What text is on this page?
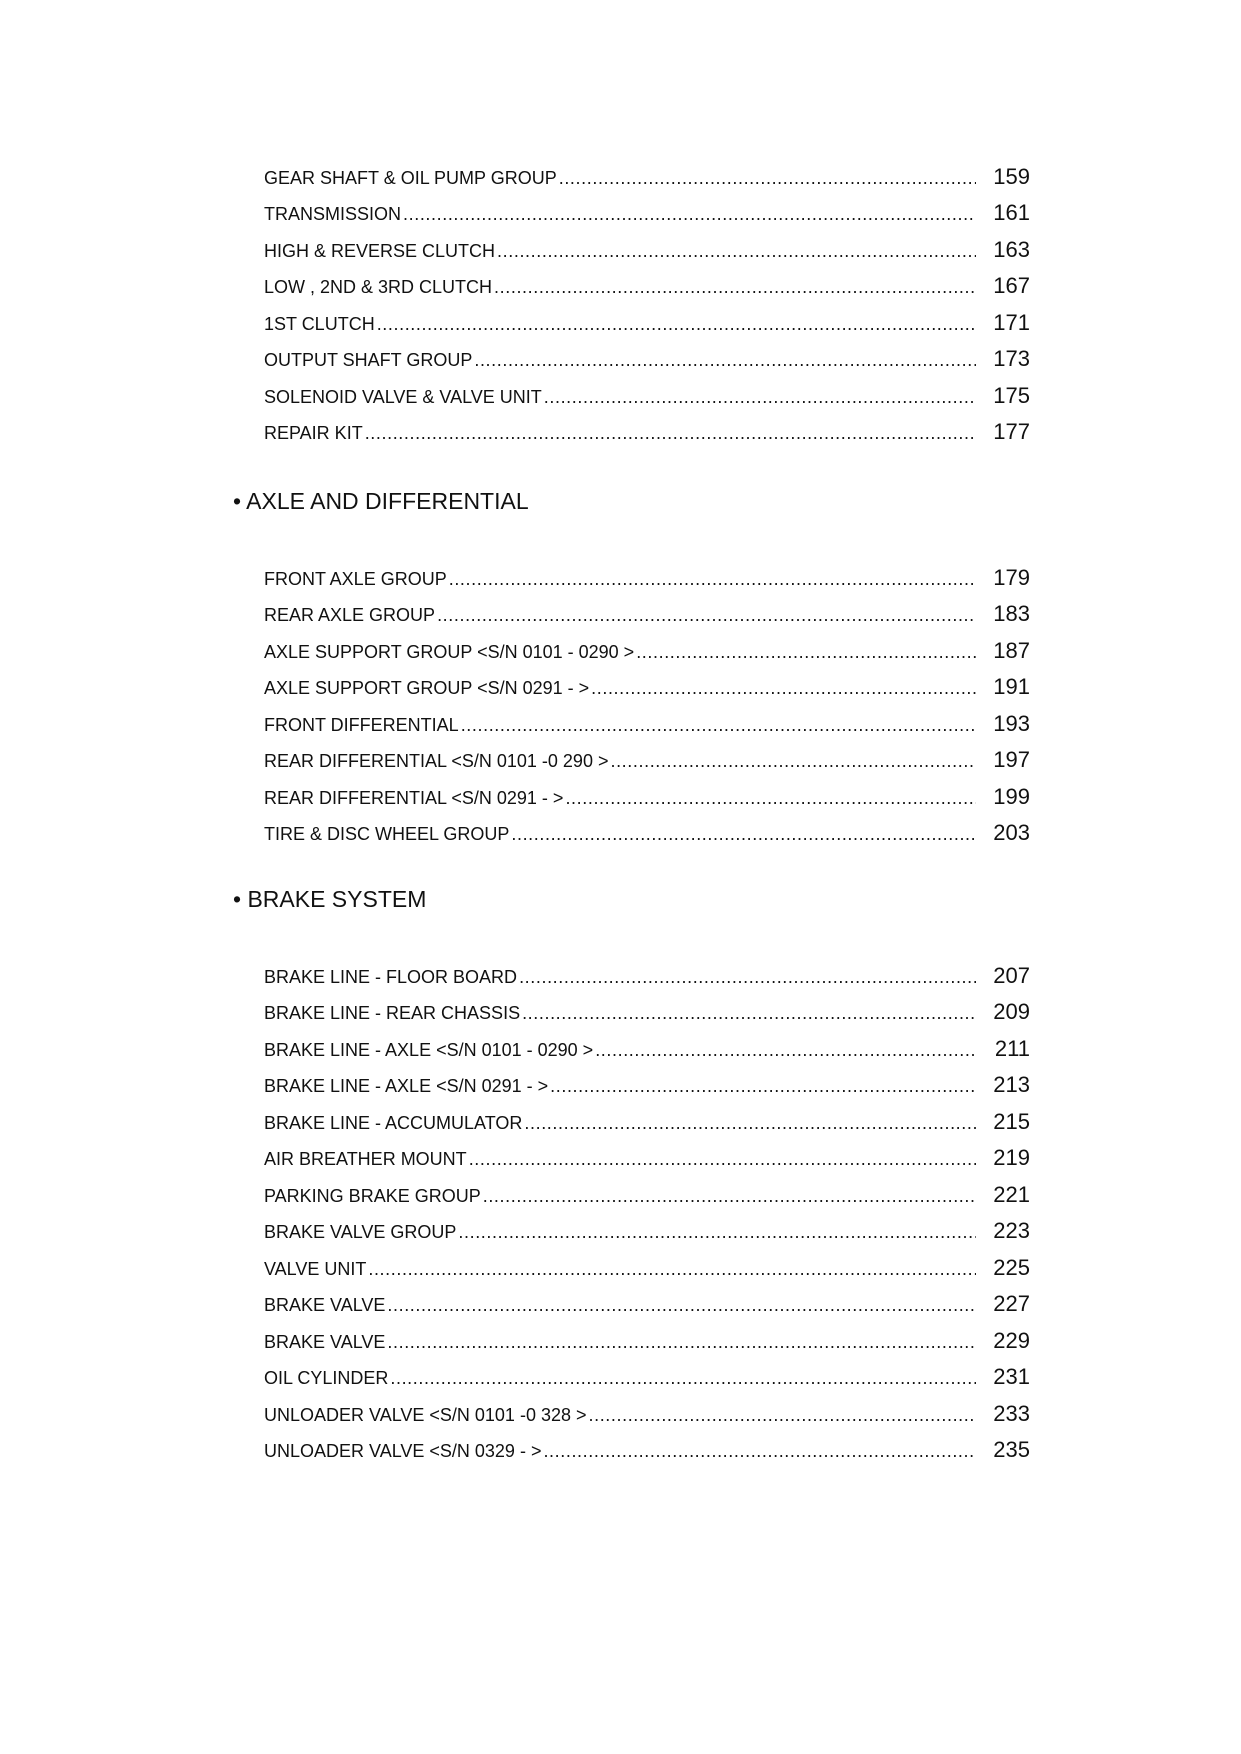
GEAR SHAFT & OIL PUMP GROUP .....	159
TRANSMISSION .....	161
HIGH & REVERSE CLUTCH .....	163
LOW , 2ND & 3RD CLUTCH .....	167
1ST CLUTCH .....	171
OUTPUT SHAFT GROUP .....	173
SOLENOID VALVE & VALVE UNIT .....	175
REPAIR KIT .....	177
• AXLE AND DIFFERENTIAL
FRONT AXLE GROUP .....	179
REAR AXLE GROUP .....	183
AXLE SUPPORT GROUP <S/N 0101 - 0290 > .....	187
AXLE SUPPORT GROUP <S/N 0291 - > .....	191
FRONT DIFFERENTIAL .....	193
REAR DIFFERENTIAL <S/N 0101 -0 290 > .....	197
REAR DIFFERENTIAL <S/N 0291 - > .....	199
TIRE & DISC WHEEL GROUP .....	203
• BRAKE SYSTEM
BRAKE LINE - FLOOR BOARD .....	207
BRAKE LINE - REAR CHASSIS .....	209
BRAKE LINE - AXLE <S/N 0101 - 0290 > .....	211
BRAKE LINE - AXLE <S/N 0291 - > .....	213
BRAKE LINE - ACCUMULATOR .....	215
AIR BREATHER MOUNT .....	219
PARKING BRAKE GROUP .....	221
BRAKE VALVE GROUP .....	223
VALVE UNIT .....	225
BRAKE VALVE .....	227
BRAKE VALVE .....	229
OIL CYLINDER .....	231
UNLOADER VALVE <S/N 0101 -0 328 > .....	233
UNLOADER VALVE <S/N 0329 - > .....	235
